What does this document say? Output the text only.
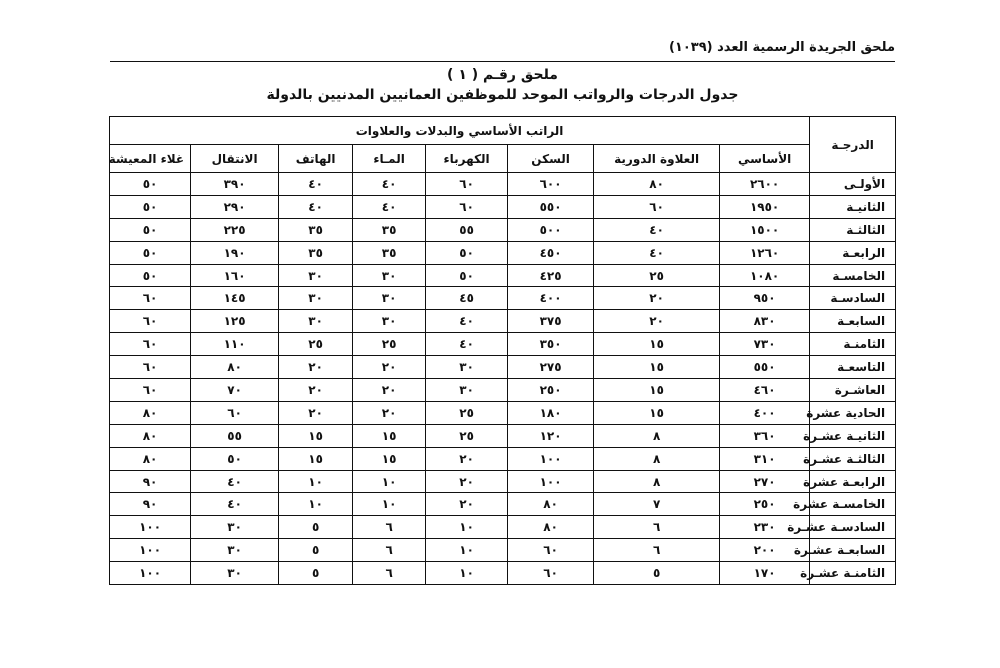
ملحق الجريدة الرسمية العدد (١٠٣٩)
ملحق رقـم ( ١ )
جدول الدرجات والرواتب الموحد للموظفين العمانيين المدنيين بالدولة
الدرجـة	الراتب الأساسي والبدلات والعلاوات							
	الأساسي	العلاوة الدورية	السكن	الكهرباء	المـاء	الهاتف	الانتقال	غلاء المعيشة
الأولـى	٢٦٠٠	٨٠	٦٠٠	٦٠	٤٠	٤٠	٣٩٠	٥٠
الثانيـة	١٩٥٠	٦٠	٥٥٠	٦٠	٤٠	٤٠	٢٩٠	٥٠
الثالثـة	١٥٠٠	٤٠	٥٠٠	٥٥	٣٥	٣٥	٢٢٥	٥٠
الرابعـة	١٢٦٠	٤٠	٤٥٠	٥٠	٣٥	٣٥	١٩٠	٥٠
الخامسـة	١٠٨٠	٢٥	٤٢٥	٥٠	٣٠	٣٠	١٦٠	٥٠
السادسـة	٩٥٠	٢٠	٤٠٠	٤٥	٣٠	٣٠	١٤٥	٦٠
السابعـة	٨٣٠	٢٠	٣٧٥	٤٠	٣٠	٣٠	١٢٥	٦٠
الثامنـة	٧٣٠	١٥	٣٥٠	٤٠	٢٥	٢٥	١١٠	٦٠
التاسعـة	٥٥٠	١٥	٢٧٥	٣٠	٢٠	٢٠	٨٠	٦٠
العاشـرة	٤٦٠	١٥	٢٥٠	٣٠	٢٠	٢٠	٧٠	٦٠
الحادية عشرة	٤٠٠	١٥	١٨٠	٢٥	٢٠	٢٠	٦٠	٨٠
الثانيـة عشـرة	٣٦٠	٨	١٢٠	٢٥	١٥	١٥	٥٥	٨٠
الثالثـة عشـرة	٣١٠	٨	١٠٠	٢٠	١٥	١٥	٥٠	٨٠
الرابعـة عشرة	٢٧٠	٨	١٠٠	٢٠	١٠	١٠	٤٠	٩٠
الخامسـة عشرة	٢٥٠	٧	٨٠	٢٠	١٠	١٠	٤٠	٩٠
السادسـة عشـرة	٢٣٠	٦	٨٠	١٠	٦	٥	٣٠	١٠٠
السابعـة عشـرة	٢٠٠	٦	٦٠	١٠	٦	٥	٣٠	١٠٠
الثامنـة عشـرة	١٧٠	٥	٦٠	١٠	٦	٥	٣٠	١٠٠
